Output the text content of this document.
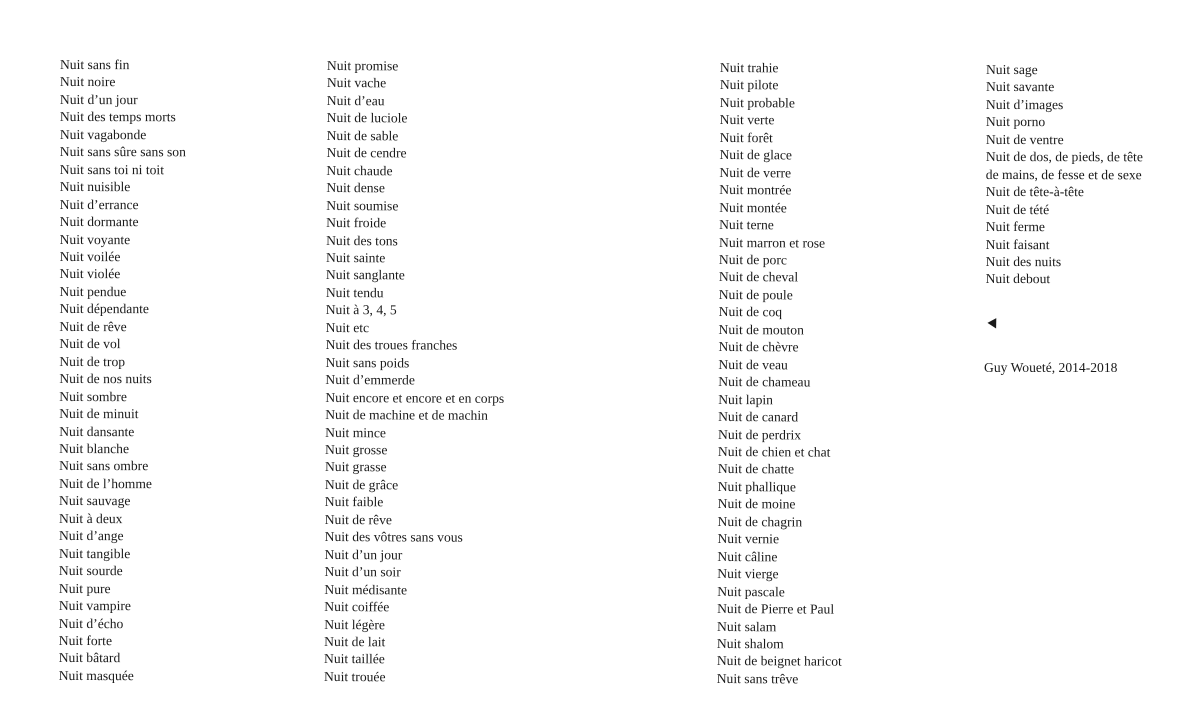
Nuit sans fin
Nuit noire
Nuit d’un jour
Nuit des temps morts
Nuit vagabonde
Nuit sans sûre sans son
Nuit sans toi ni toit
Nuit nuisible
Nuit d’errance
Nuit dormante
Nuit voyante
Nuit voilée
Nuit violée
Nuit pendue
Nuit dépendante
Nuit de rêve
Nuit de vol
Nuit de trop
Nuit de nos nuits
Nuit sombre
Nuit de minuit
Nuit dansante
Nuit blanche
Nuit sans ombre
Nuit de l’homme
Nuit sauvage
Nuit à deux
Nuit d’ange
Nuit tangible
Nuit sourde
Nuit pure
Nuit vampire
Nuit d’écho
Nuit forte
Nuit bâtard
Nuit masquée
Nuit promise
Nuit vache
Nuit d’eau
Nuit de luciole
Nuit de sable
Nuit de cendre
Nuit chaude
Nuit dense
Nuit soumise
Nuit froide
Nuit des tons
Nuit sainte
Nuit sanglante
Nuit tendu
Nuit à 3, 4, 5
Nuit etc
Nuit des troues franches
Nuit sans poids
Nuit d’emmerde
Nuit encore et encore et en corps
Nuit de machine et de machin
Nuit mince
Nuit grosse
Nuit grasse
Nuit de grâce
Nuit faible
Nuit de rêve
Nuit des vôtres sans vous
Nuit d’un jour
Nuit d’un soir
Nuit médisante
Nuit coiffée
Nuit légère
Nuit de lait
Nuit taillée
Nuit trouée
Nuit trahie
Nuit pilote
Nuit probable
Nuit verte
Nuit forêt
Nuit de glace
Nuit de verre
Nuit montrée
Nuit montée
Nuit terne
Nuit marron et rose
Nuit de porc
Nuit de cheval
Nuit de poule
Nuit de coq
Nuit de mouton
Nuit de chèvre
Nuit de veau
Nuit de chameau
Nuit lapin
Nuit de canard
Nuit de perdrix
Nuit de chien et chat
Nuit de chatte
Nuit phallique
Nuit de moine
Nuit de chagrin
Nuit vernie
Nuit câline
Nuit vierge
Nuit pascale
Nuit de Pierre et Paul
Nuit salam
Nuit shalom
Nuit de beignet haricot
Nuit sans trêve
Nuit sage
Nuit savante
Nuit d’images
Nuit porno
Nuit de ventre
Nuit de dos, de pieds, de tête
de mains, de fesse et de sexe
Nuit de tête-à-tête
Nuit de tété
Nuit ferme
Nuit faisant
Nuit des nuits
Nuit debout
Guy Woueté, 2014-2018
